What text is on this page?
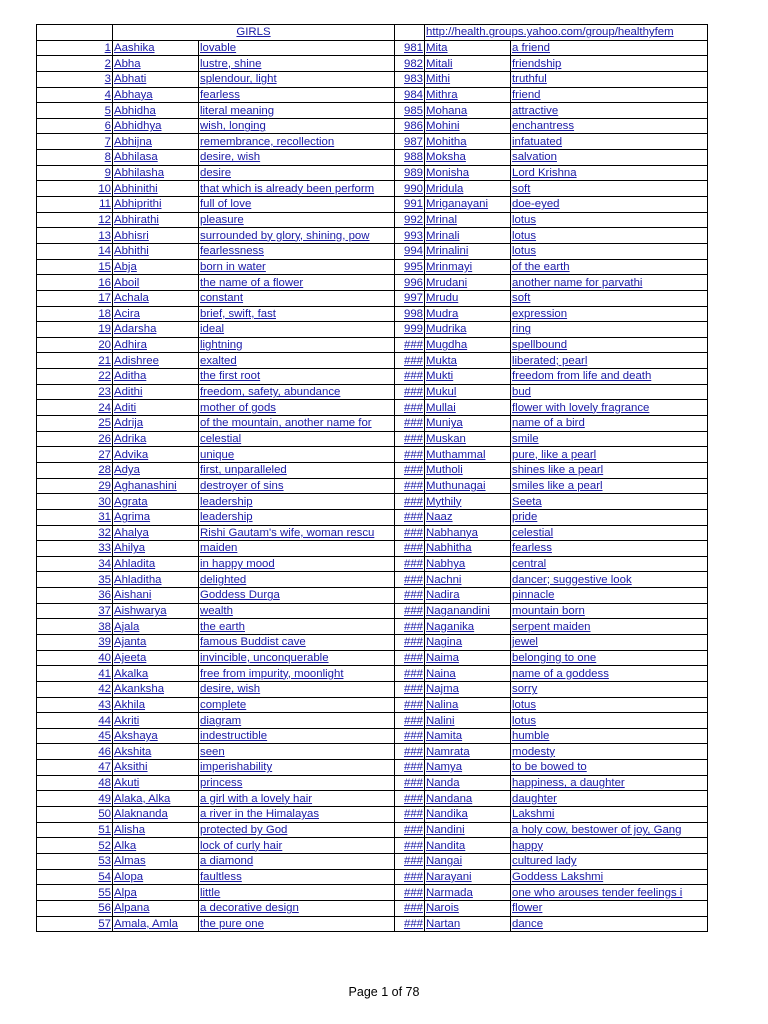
	GIRLS			http://health.groups.yahoo.com/group/healthyfem	
1	Aashika	lovable	981	Mita	a friend
2	Abha	lustre, shine	982	Mitali	friendship
3	Abhati	splendour, light	983	Mithi	truthful
4	Abhaya	fearless	984	Mithra	friend
5	Abhidha	literal meaning	985	Mohana	attractive
6	Abhidhya	wish, longing	986	Mohini	enchantress
7	Abhijna	remembrance, recollection	987	Mohitha	infatuated
8	Abhilasa	desire, wish	988	Moksha	salvation
9	Abhilasha	desire	989	Monisha	Lord Krishna
10	Abhinithi	that which is already been perform	990	Mridula	soft
11	Abhiprithi	full of love	991	Mriganayani	doe-eyed
12	Abhirathi	pleasure	992	Mrinal	lotus
13	Abhisri	surrounded by glory, shining, pow	993	Mrinali	lotus
14	Abhithi	fearlessness	994	Mrinalini	lotus
15	Abja	born in water	995	Mrinmayi	of the earth
16	Aboil	the name of a flower	996	Mrudani	another name for parvathi
17	Achala	constant	997	Mrudu	soft
18	Acira	brief, swift, fast	998	Mudra	expression
19	Adarsha	ideal	999	Mudrika	ring
20	Adhira	lightning	###	Mugdha	spellbound
21	Adishree	exalted	###	Mukta	liberated; pearl
22	Aditha	the first root	###	Mukti	freedom from life and death
23	Adithi	freedom, safety, abundance	###	Mukul	bud
24	Aditi	mother of gods	###	Mullai	flower with lovely fragrance
25	Adrija	of the mountain, another name for	###	Muniya	name of a bird
26	Adrika	celestial	###	Muskan	smile
27	Advika	unique	###	Muthammal	pure, like a pearl
28	Adya	first, unparalleled	###	Mutholi	shines like a pearl
29	Aghanashini	destroyer of sins	###	Muthunagai	smiles like a pearl
30	Agrata	leadership	###	Mythily	Seeta
31	Agrima	leadership	###	Naaz	pride
32	Ahalya	Rishi Gautam's wife, woman rescu	###	Nabhanya	celestial
33	Ahilya	maiden	###	Nabhitha	fearless
34	Ahladita	in happy mood	###	Nabhya	central
35	Ahladitha	delighted	###	Nachni	dancer; suggestive look
36	Aishani	Goddess Durga	###	Nadira	pinnacle
37	Aishwarya	wealth	###	Naganandini	mountain born
38	Ajala	the earth	###	Naganika	serpent maiden
39	Ajanta	famous Buddist cave	###	Nagina	jewel
40	Ajeeta	invincible, unconquerable	###	Naima	belonging to one
41	Akalka	free from impurity, moonlight	###	Naina	name of a goddess
42	Akanksha	desire, wish	###	Najma	sorry
43	Akhila	complete	###	Nalina	lotus
44	Akriti	diagram	###	Nalini	lotus
45	Akshaya	indestructible	###	Namita	humble
46	Akshita	seen	###	Namrata	modesty
47	Aksithi	imperishability	###	Namya	to be bowed to
48	Akuti	princess	###	Nanda	happiness, a daughter
49	Alaka, Alka	a girl with a lovely hair	###	Nandana	daughter
50	Alaknanda	a river in the Himalayas	###	Nandika	Lakshmi
51	Alisha	protected by God	###	Nandini	a holy cow, bestower of joy, Gang
52	Alka	lock of curly hair	###	Nandita	happy
53	Almas	a diamond	###	Nangai	cultured lady
54	Alopa	faultless	###	Narayani	Goddess Lakshmi
55	Alpa	little	###	Narmada	one who arouses tender feelings i
56	Alpana	a decorative design	###	Narois	flower
57	Amala, Amla	the pure one	###	Nartan	dance
Page 1 of 78
